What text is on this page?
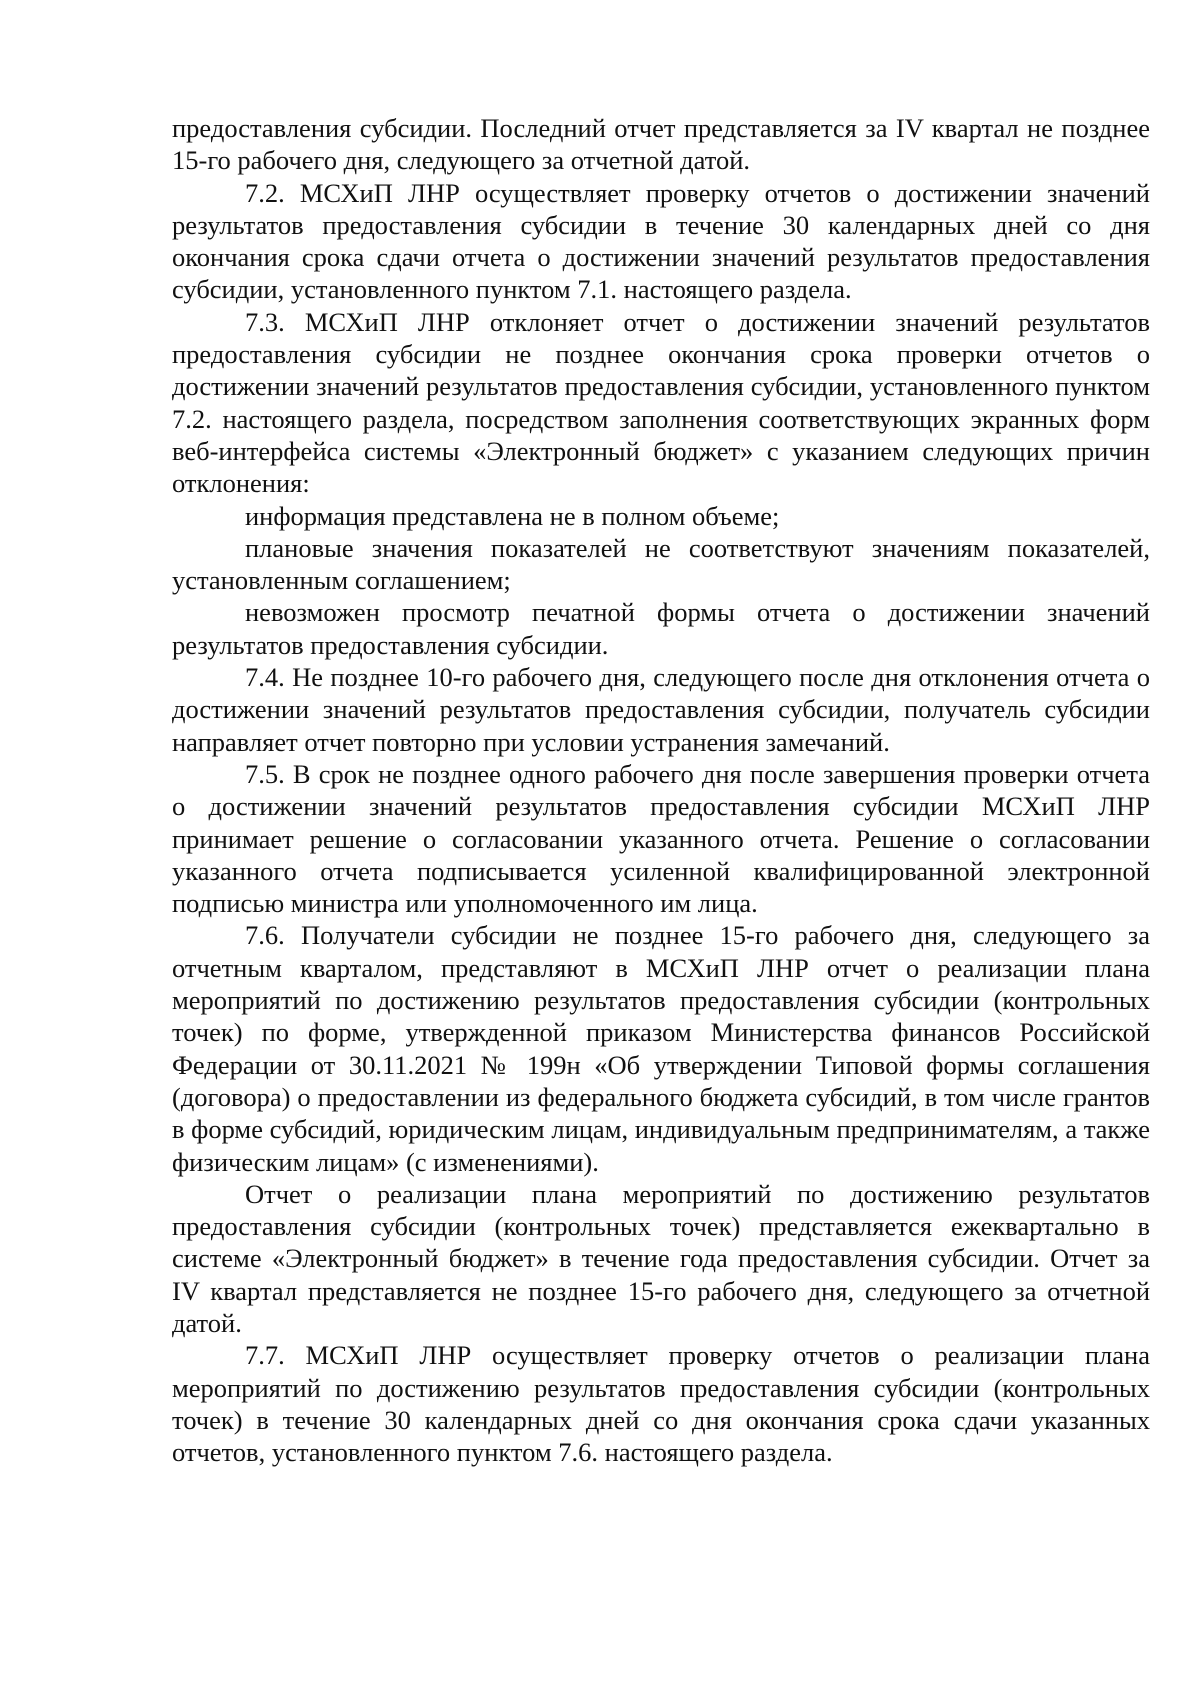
предоставления субсидии. Последний отчет представляется за IV квартал не позднее 15-го рабочего дня, следующего за отчетной датой.

7.2. МСХиП ЛНР осуществляет проверку отчетов о достижении значений результатов предоставления субсидии в течение 30 календарных дней со дня окончания срока сдачи отчета о достижении значений результатов предоставления субсидии, установленного пунктом 7.1. настоящего раздела.

7.3. МСХиП ЛНР отклоняет отчет о достижении значений результатов предоставления субсидии не позднее окончания срока проверки отчетов о достижении значений результатов предоставления субсидии, установленного пунктом 7.2. настоящего раздела, посредством заполнения соответствующих экранных форм веб-интерфейса системы «Электронный бюджет» с указанием следующих причин отклонения:

информация представлена не в полном объеме;

плановые значения показателей не соответствуют значениям показателей, установленным соглашением;

невозможен просмотр печатной формы отчета о достижении значений результатов предоставления субсидии.

7.4. Не позднее 10-го рабочего дня, следующего после дня отклонения отчета о достижении значений результатов предоставления субсидии, получатель субсидии направляет отчет повторно при условии устранения замечаний.

7.5. В срок не позднее одного рабочего дня после завершения проверки отчета о достижении значений результатов предоставления субсидии МСХиП ЛНР принимает решение о согласовании указанного отчета. Решение о согласовании указанного отчета подписывается усиленной квалифицированной электронной подписью министра или уполномоченного им лица.

7.6. Получатели субсидии не позднее 15-го рабочего дня, следующего за отчетным кварталом, представляют в МСХиП ЛНР отчет о реализации плана мероприятий по достижению результатов предоставления субсидии (контрольных точек) по форме, утвержденной приказом Министерства финансов Российской Федерации от 30.11.2021 № 199н «Об утверждении Типовой формы соглашения (договора) о предоставлении из федерального бюджета субсидий, в том числе грантов в форме субсидий, юридическим лицам, индивидуальным предпринимателям, а также физическим лицам» (с изменениями).

Отчет о реализации плана мероприятий по достижению результатов предоставления субсидии (контрольных точек) представляется ежеквартально в системе «Электронный бюджет» в течение года предоставления субсидии. Отчет за IV квартал представляется не позднее 15-го рабочего дня, следующего за отчетной датой.

7.7. МСХиП ЛНР осуществляет проверку отчетов о реализации плана мероприятий по достижению результатов предоставления субсидии (контрольных точек) в течение 30 календарных дней со дня окончания срока сдачи указанных отчетов, установленного пунктом 7.6. настоящего раздела.
